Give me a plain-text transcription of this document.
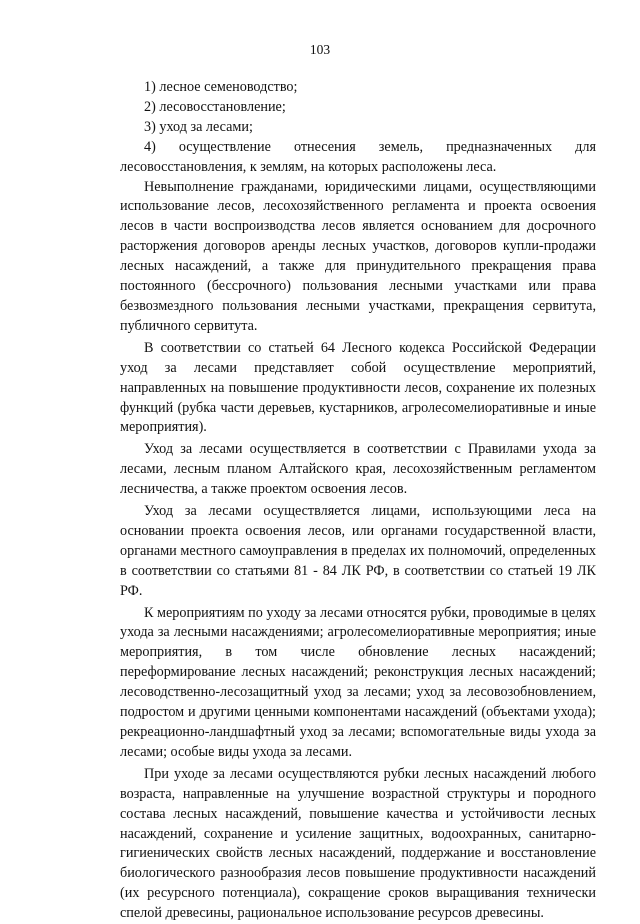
103

1) лесное семеноводство;

2) лесовосстановление;

3) уход за лесами;

4) осуществление отнесения земель, предназначенных для лесовосстановления, к землям, на которых расположены леса.

Невыполнение гражданами, юридическими лицами, осуществляющими использование лесов, лесохозяйственного регламента и проекта освоения лесов в части воспроизводства лесов является основанием для досрочного расторжения договоров аренды лесных участков, договоров купли-продажи лесных насаждений, а также для принудительного прекращения права постоянного (бессрочного) пользования лесными участками или права безвозмездного пользования лесными участками, прекращения сервитута, публичного сервитута.

В соответствии со статьей 64 Лесного кодекса Российской Федерации уход за лесами представляет собой осуществление мероприятий, направленных на повышение продуктивности лесов, сохранение их полезных функций (рубка части деревьев, кустарников, агролесомелиоративные и иные мероприятия).

Уход за лесами осуществляется в соответствии с Правилами ухода за лесами, лесным планом Алтайского края, лесохозяйственным регламентом лесничества, а также проектом освоения лесов.

Уход за лесами осуществляется лицами, использующими леса на основании проекта освоения лесов, или органами государственной власти, органами местного самоуправления в пределах их полномочий, определенных в соответствии со статьями 81 - 84 ЛК РФ, в соответствии со статьей 19 ЛК РФ.

К мероприятиям по уходу за лесами относятся рубки, проводимые в целях ухода за лесными насаждениями; агролесомелиоративные мероприятия; иные мероприятия, в том числе обновление лесных насаждений; переформирование лесных насаждений; реконструкция лесных насаждений; лесоводственно-лесозащитный уход за лесами; уход за лесовозобновлением, подростом и другими ценными компонентами насаждений (объектами ухода); рекреационно-ландшафтный уход за лесами; вспомогательные виды ухода за лесами; особые виды ухода за лесами.

При уходе за лесами осуществляются рубки лесных насаждений любого возраста, направленные на улучшение возрастной структуры и породного состава лесных насаждений, повышение качества и устойчивости лесных насаждений, сохранение и усиление защитных, водоохранных, санитарно-гигиенических свойств лесных насаждений, поддержание и восстановление биологического разнообразия лесов повышение продуктивности насаждений (их ресурсного потенциала), сокращение сроков выращивания технически спелой древесины, рациональное использование ресурсов древесины.
